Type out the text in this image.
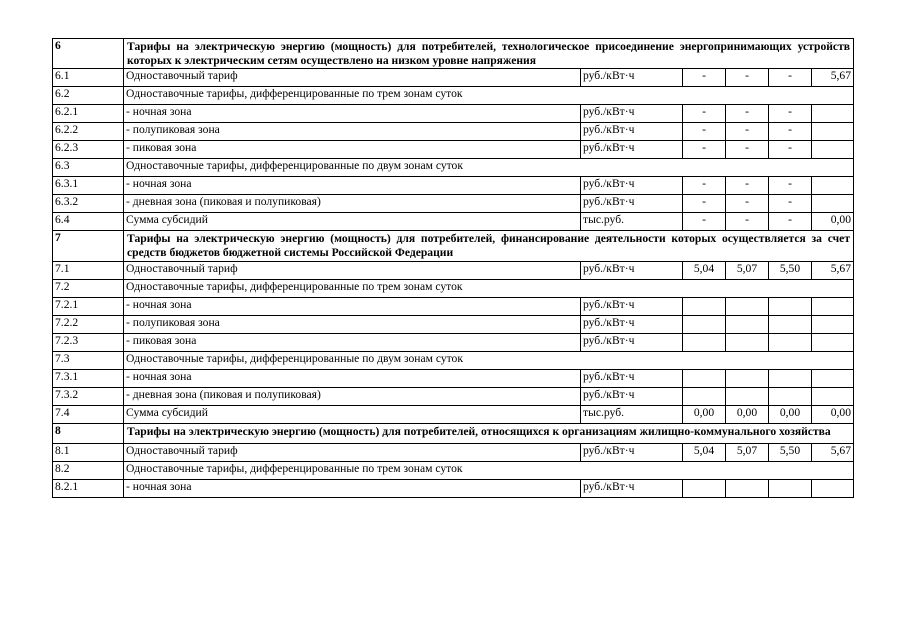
6	Тарифы на электрическую энергию (мощность) для потребителей, технологическое присоединение энергопринимающих устройств которых к электрическим сетям осуществлено на низком уровне напряжения					
6.1	Одноставочный тариф	руб./кВт·ч	-	-	-	5,67
6.2	Одноставочные тарифы, дифференцированные по трем зонам суток					
6.2.1	- ночная зона	руб./кВт·ч	-	-	-	
6.2.2	- полупиковая зона	руб./кВт·ч	-	-	-	
6.2.3	- пиковая зона	руб./кВт·ч	-	-	-	
6.3	Одноставочные тарифы, дифференцированные по двум зонам суток					
6.3.1	- ночная зона	руб./кВт·ч	-	-	-	
6.3.2	- дневная зона (пиковая и полупиковая)	руб./кВт·ч	-	-	-	
6.4	Сумма субсидий	тыс.руб.	-	-	-	0,00
7	Тарифы на электрическую энергию (мощность) для потребителей, финансирование деятельности которых осуществляется за счет средств бюджетов бюджетной системы Российской Федерации					
7.1	Одноставочный тариф	руб./кВт·ч	5,04	5,07	5,50	5,67
7.2	Одноставочные тарифы, дифференцированные по трем зонам суток					
7.2.1	- ночная зона	руб./кВт·ч				
7.2.2	- полупиковая зона	руб./кВт·ч				
7.2.3	- пиковая зона	руб./кВт·ч				
7.3	Одноставочные тарифы, дифференцированные по двум зонам суток					
7.3.1	- ночная зона	руб./кВт·ч				
7.3.2	- дневная зона (пиковая и полупиковая)	руб./кВт·ч				
7.4	Сумма субсидий	тыс.руб.	0,00	0,00	0,00	0,00
8	Тарифы на электрическую энергию (мощность) для потребителей, относящихся к организациям жилищно-коммунального хозяйства					
8.1	Одноставочный тариф	руб./кВт·ч	5,04	5,07	5,50	5,67
8.2	Одноставочные тарифы, дифференцированные по трем зонам суток					
8.2.1	- ночная зона	руб./кВт·ч				
